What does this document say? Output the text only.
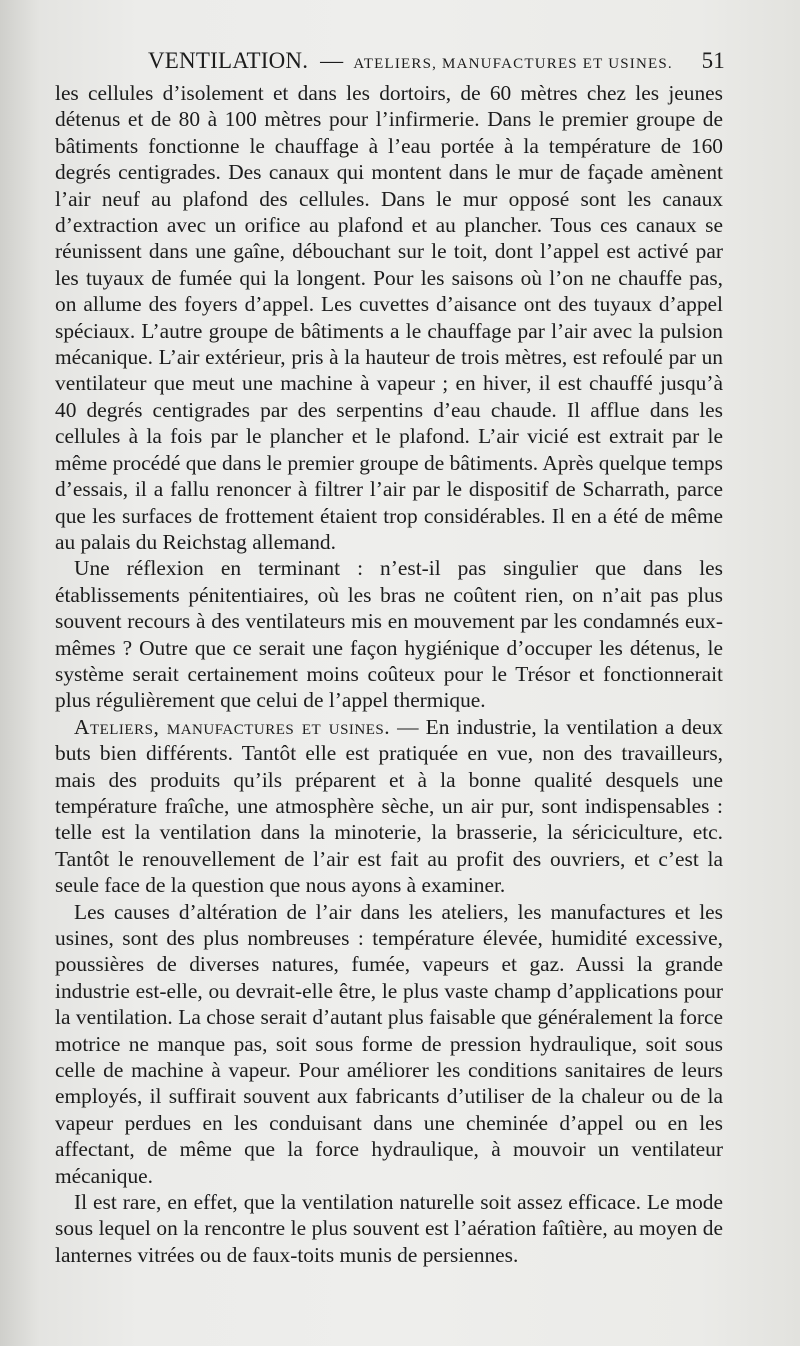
VENTILATION. — ATELIERS, MANUFACTURES ET USINES. 51

les cellules d’isolement et dans les dortoirs, de 60 mètres chez les jeunes détenus et de 80 à 100 mètres pour l’infirmerie. Dans le premier groupe de bâtiments fonctionne le chauffage à l’eau portée à la température de 160 degrés centigrades. Des canaux qui montent dans le mur de façade amènent l’air neuf au plafond des cellules. Dans le mur opposé sont les canaux d’extraction avec un orifice au plafond et au plancher. Tous ces canaux se réunissent dans une gaîne, débouchant sur le toit, dont l’appel est activé par les tuyaux de fumée qui la longent. Pour les saisons où l’on ne chauffe pas, on allume des foyers d’appel. Les cuvettes d’aisance ont des tuyaux d’appel spéciaux. L’autre groupe de bâtiments a le chauffage par l’air avec la pulsion mécanique. L’air extérieur, pris à la hauteur de trois mètres, est refoulé par un ventilateur que meut une machine à vapeur ; en hiver, il est chauffé jusqu’à 40 degrés centigrades par des serpentins d’eau chaude. Il afflue dans les cellules à la fois par le plancher et le plafond. L’air vicié est extrait par le même procédé que dans le premier groupe de bâtiments. Après quelque temps d’essais, il a fallu renoncer à filtrer l’air par le dispositif de Scharrath, parce que les surfaces de frottement étaient trop considérables. Il en a été de même au palais du Reichstag allemand.

Une réflexion en terminant : n’est-il pas singulier que dans les établissements pénitentiaires, où les bras ne coûtent rien, on n’ait pas plus souvent recours à des ventilateurs mis en mouvement par les condamnés eux-mêmes ? Outre que ce serait une façon hygiénique d’occuper les détenus, le système serait certainement moins coûteux pour le Trésor et fonctionnerait plus régulièrement que celui de l’appel thermique.

Ateliers, manufactures et usines. — En industrie, la ventilation a deux buts bien différents. Tantôt elle est pratiquée en vue, non des travailleurs, mais des produits qu’ils préparent et à la bonne qualité desquels une température fraîche, une atmosphère sèche, un air pur, sont indispensables : telle est la ventilation dans la minoterie, la brasserie, la sériciculture, etc. Tantôt le renouvellement de l’air est fait au profit des ouvriers, et c’est la seule face de la question que nous ayons à examiner.

Les causes d’altération de l’air dans les ateliers, les manufactures et les usines, sont des plus nombreuses : température élevée, humidité excessive, poussières de diverses natures, fumée, vapeurs et gaz. Aussi la grande industrie est-elle, ou devrait-elle être, le plus vaste champ d’applications pour la ventilation. La chose serait d’autant plus faisable que généralement la force motrice ne manque pas, soit sous forme de pression hydraulique, soit sous celle de machine à vapeur. Pour améliorer les conditions sanitaires de leurs employés, il suffirait souvent aux fabricants d’utiliser de la chaleur ou de la vapeur perdues en les conduisant dans une cheminée d’appel ou en les affectant, de même que la force hydraulique, à mouvoir un ventilateur mécanique.

Il est rare, en effet, que la ventilation naturelle soit assez efficace. Le mode sous lequel on la rencontre le plus souvent est l’aération faîtière, au moyen de lanternes vitrées ou de faux-toits munis de persiennes.
